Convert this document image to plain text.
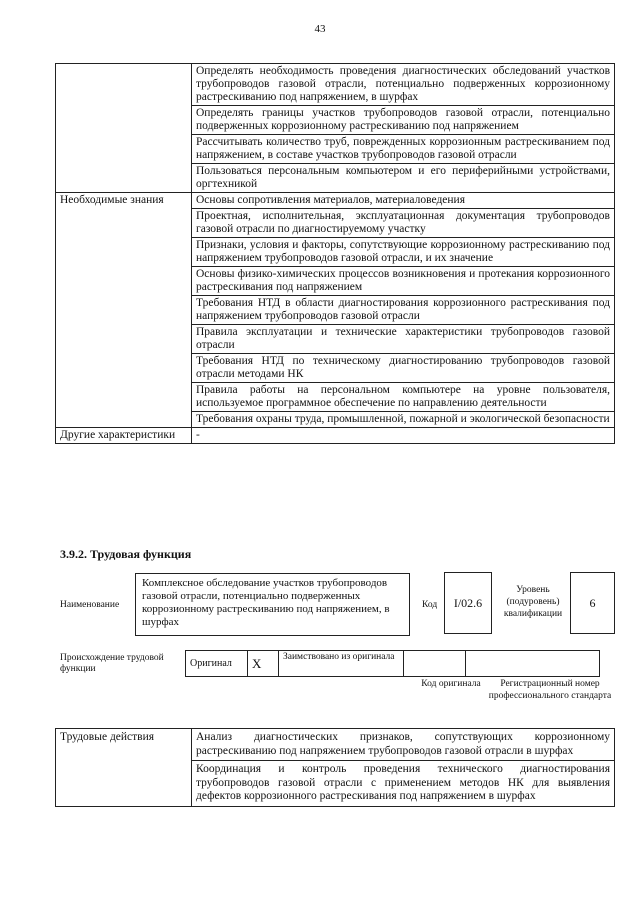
43
	Определять необходимость проведения диагностических обследований участков трубопроводов газовой отрасли, потенциально подверженных коррозионному растрескиванию под напряжением, в шурфах
	Определять границы участков трубопроводов газовой отрасли, потенциально подверженных коррозионному растрескиванию под напряжением
	Рассчитывать количество труб, поврежденных коррозионным растрескиванием под напряжением, в составе участков трубопроводов газовой отрасли
	Пользоваться персональным компьютером и его периферийными устройствами, оргтехникой
Необходимые знания	Основы сопротивления материалов, материаловедения
	Проектная, исполнительная, эксплуатационная документация трубопроводов газовой отрасли по диагностируемому участку
	Признаки, условия и факторы, сопутствующие коррозионному растрескиванию под напряжением трубопроводов газовой отрасли, и их значение
	Основы физико-химических процессов возникновения и протекания коррозионного растрескивания под напряжением
	Требования НТД в области диагностирования коррозионного растрескивания под напряжением трубопроводов газовой отрасли
	Правила эксплуатации и технические характеристики трубопроводов газовой отрасли
	Требования НТД по техническому диагностированию трубопроводов газовой отрасли методами НК
	Правила работы на персональном компьютере на уровне пользователя, используемое программное обеспечение по направлению деятельности
	Требования охраны труда, промышленной, пожарной и экологической безопасности
Другие характеристики	-
3.9.2. Трудовая функция
Наименование
Комплексное обследование участков трубопроводов газовой отрасли, потенциально подверженных коррозионному растрескиванию под напряжением, в шурфах
Код I/02.6
Уровень (подуровень) квалификации
6
Происхождение трудовой функции	Оригинал	X	Заимствовано из оригинала		
Код оригинала	Регистрационный номер профессионального стандарта
Трудовые действия	Анализ диагностических признаков, сопутствующих коррозионному растрескиванию под напряжением трубопроводов газовой отрасли в шурфах
Координация и контроль проведения технического диагностирования трубопроводов газовой отрасли с применением методов НК для выявления дефектов коррозионного растрескивания под напряжением в шурфах
